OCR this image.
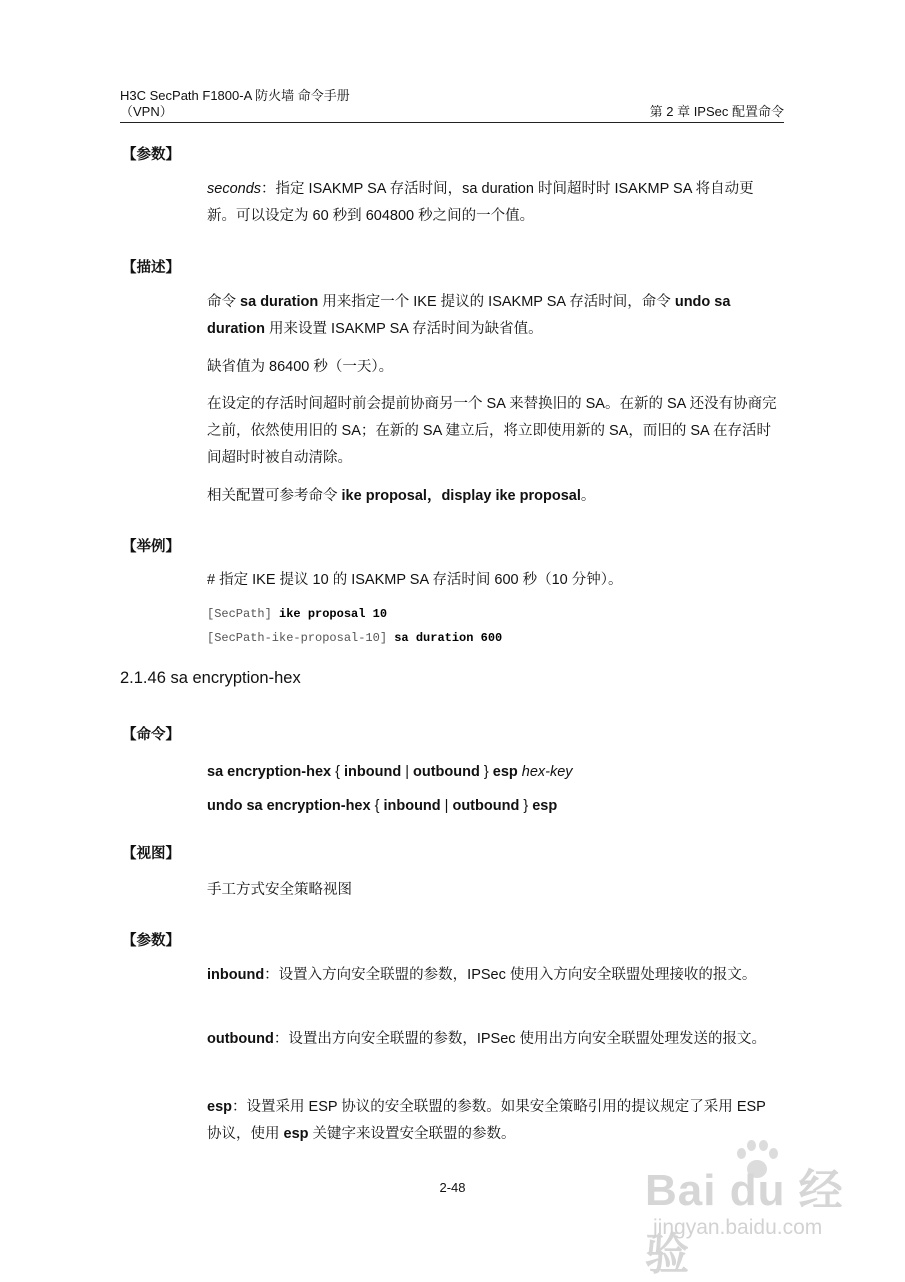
H3C SecPath F1800-A 防火墙 命令手册
（VPN）	第 2 章 IPSec 配置命令
【参数】
seconds：指定 ISAKMP SA 存活时间，sa duration 时间超时时 ISAKMP SA 将自动更新。可以设定为 60 秒到 604800 秒之间的一个值。
【描述】
命令 sa duration 用来指定一个 IKE 提议的 ISAKMP SA 存活时间，命令 undo sa duration 用来设置 ISAKMP SA 存活时间为缺省值。
缺省值为 86400 秒（一天）。
在设定的存活时间超时前会提前协商另一个 SA 来替换旧的 SA。在新的 SA 还没有协商完之前，依然使用旧的 SA；在新的 SA 建立后，将立即使用新的 SA，而旧的 SA 在存活时间超时时被自动清除。
相关配置可参考命令 ike proposal，display ike proposal。
【举例】
# 指定 IKE 提议 10 的 ISAKMP SA 存活时间 600 秒（10 分钟）。
[SecPath] ike proposal 10
[SecPath-ike-proposal-10] sa duration 600
2.1.46 sa encryption-hex
【命令】
sa encryption-hex { inbound | outbound } esp hex-key
undo sa encryption-hex { inbound | outbound } esp
【视图】
手工方式安全策略视图
【参数】
inbound：设置入方向安全联盟的参数，IPSec 使用入方向安全联盟处理接收的报文。
outbound：设置出方向安全联盟的参数，IPSec 使用出方向安全联盟处理发送的报文。
esp：设置采用 ESP 协议的安全联盟的参数。如果安全策略引用的提议规定了采用 ESP 协议，使用 esp 关键字来设置安全联盟的参数。
2-48	Bai du 经验
jingyan.baidu.com
